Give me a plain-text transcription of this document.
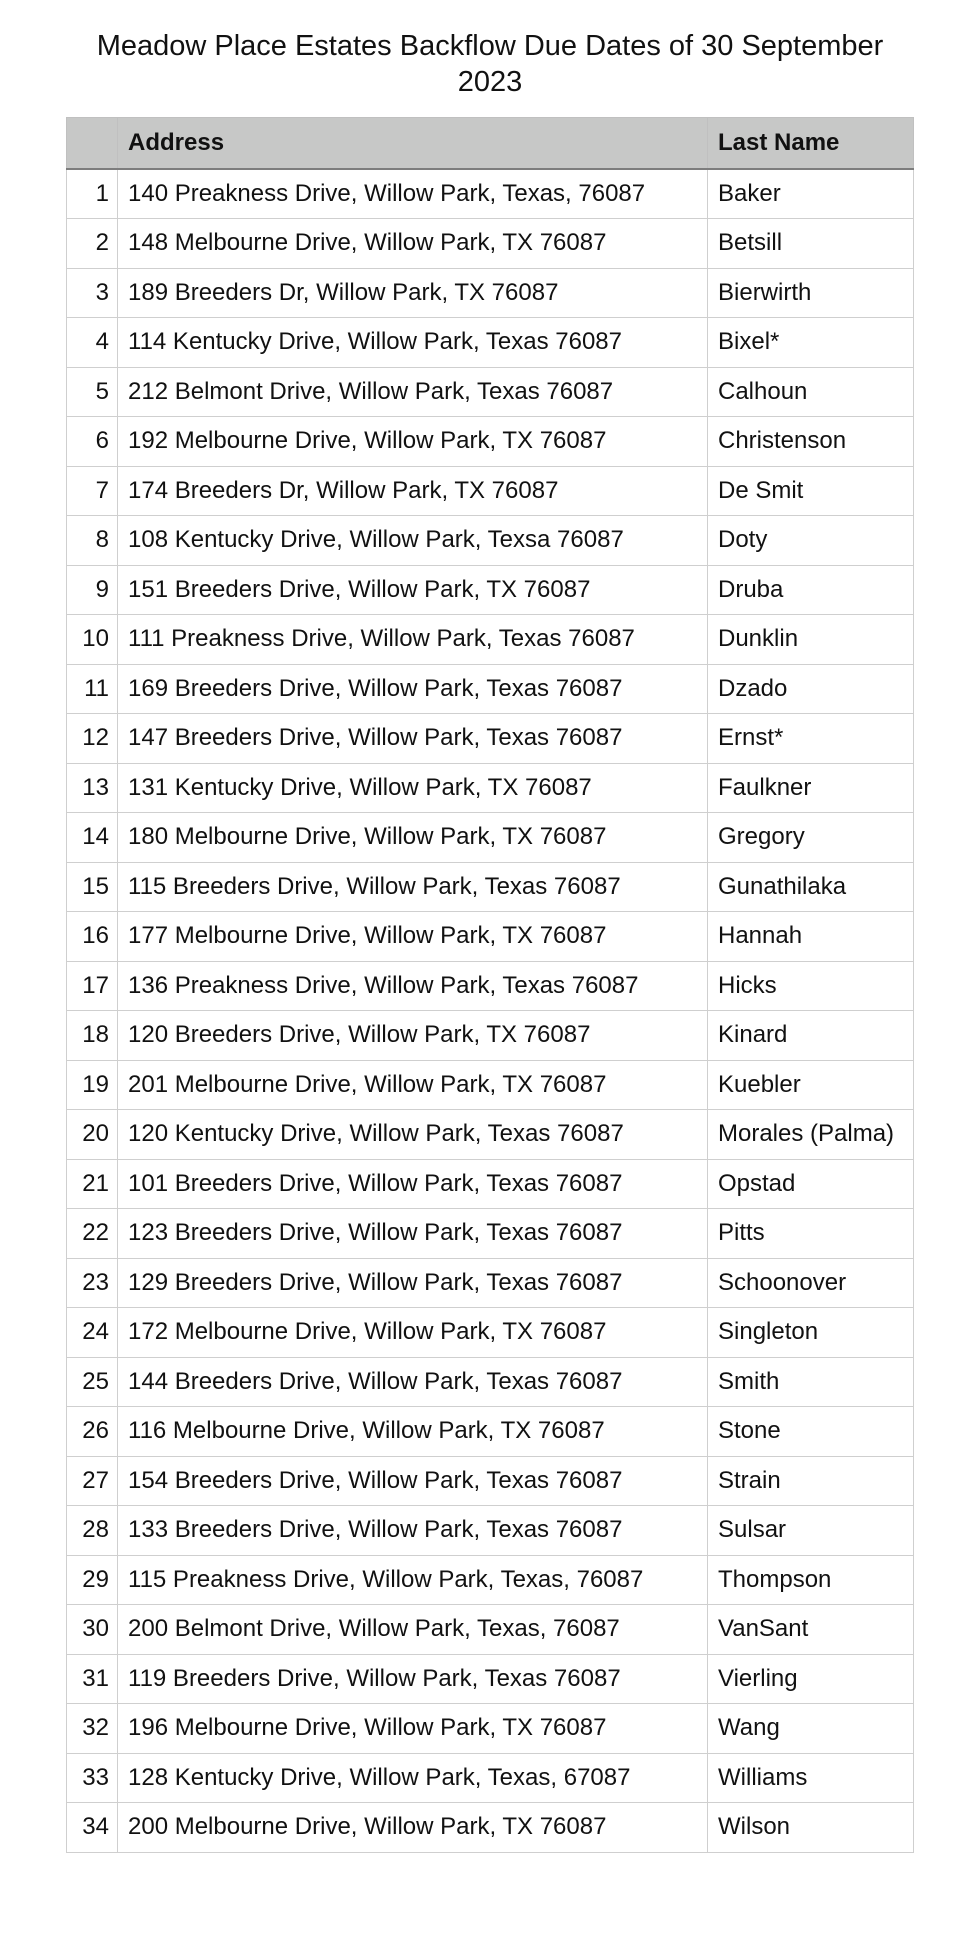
Meadow Place Estates Backflow Due Dates of 30 September
2023
	Address	Last Name
1	140 Preakness Drive, Willow Park, Texas, 76087	Baker
2	148 Melbourne Drive, Willow Park, TX 76087	Betsill
3	189 Breeders Dr, Willow Park, TX 76087	Bierwirth
4	114 Kentucky Drive, Willow Park, Texas 76087	Bixel*
5	212 Belmont Drive, Willow Park, Texas 76087	Calhoun
6	192 Melbourne Drive, Willow Park, TX 76087	Christenson
7	174 Breeders Dr, Willow Park, TX 76087	De Smit
8	108 Kentucky Drive, Willow Park, Texsa 76087	Doty
9	151 Breeders Drive, Willow Park, TX 76087	Druba
10	111 Preakness Drive, Willow Park, Texas 76087	Dunklin
11	169 Breeders Drive, Willow Park, Texas 76087	Dzado
12	147 Breeders Drive, Willow Park, Texas 76087	Ernst*
13	131 Kentucky Drive, Willow Park, TX 76087	Faulkner
14	180 Melbourne Drive, Willow Park, TX 76087	Gregory
15	115 Breeders Drive, Willow Park, Texas 76087	Gunathilaka
16	177 Melbourne Drive, Willow Park, TX 76087	Hannah
17	136 Preakness Drive, Willow Park, Texas 76087	Hicks
18	120 Breeders Drive, Willow Park, TX 76087	Kinard
19	201 Melbourne Drive, Willow Park, TX 76087	Kuebler
20	120 Kentucky Drive, Willow Park, Texas 76087	Morales (Palma)
21	101 Breeders Drive, Willow Park, Texas 76087	Opstad
22	123 Breeders Drive, Willow Park, Texas 76087	Pitts
23	129 Breeders Drive, Willow Park, Texas 76087	Schoonover
24	172 Melbourne Drive, Willow Park, TX 76087	Singleton
25	144 Breeders Drive, Willow Park, Texas 76087	Smith
26	116 Melbourne Drive, Willow Park, TX 76087	Stone
27	154 Breeders Drive, Willow Park, Texas 76087	Strain
28	133 Breeders Drive, Willow Park, Texas 76087	Sulsar
29	115 Preakness Drive, Willow Park, Texas, 76087	Thompson
30	200 Belmont Drive, Willow Park, Texas, 76087	VanSant
31	119 Breeders Drive, Willow Park, Texas 76087	Vierling
32	196 Melbourne Drive, Willow Park, TX 76087	Wang
33	128 Kentucky Drive, Willow Park, Texas, 67087	Williams
34	200 Melbourne Drive, Willow Park, TX 76087	Wilson
